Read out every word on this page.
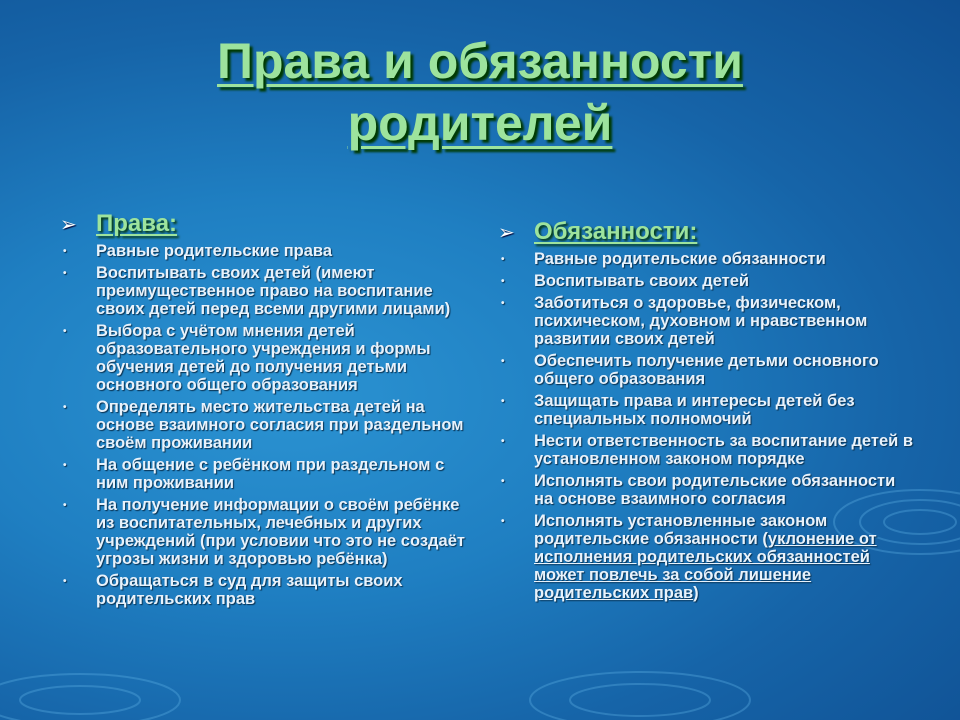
Права и обязанности
родителей
➢ Права:
• Равные родительские права
• Воспитывать своих детей (имеют преимущественное право на воспитание своих детей перед всеми другими лицами)
• Выбора с учётом мнения детей образовательного учреждения и формы обучения детей до получения детьми основного общего образования
• Определять место жительства детей на основе взаимного согласия при раздельном своём проживании
• На общение с ребёнком при раздельном с ним проживании
• На получение информации о своём ребёнке из воспитательных, лечебных и других учреждений (при условии что это не создаёт угрозы жизни и здоровью ребёнка)
• Обращаться в суд для защиты своих родительских прав
➢ Обязанности:
• Равные родительские обязанности
• Воспитывать своих детей
• Заботиться о здоровье, физическом, психическом, духовном и нравственном развитии своих детей
• Обеспечить получение детьми основного общего образования
• Защищать права и интересы детей без специальных полномочий
• Нести ответственность за воспитание детей в установленном законом порядке
• Исполнять свои родительские обязанности на основе взаимного согласия
• Исполнять установленные законом родительские обязанности (уклонение от исполнения родительских обязанностей может повлечь за собой лишение родительских прав)
